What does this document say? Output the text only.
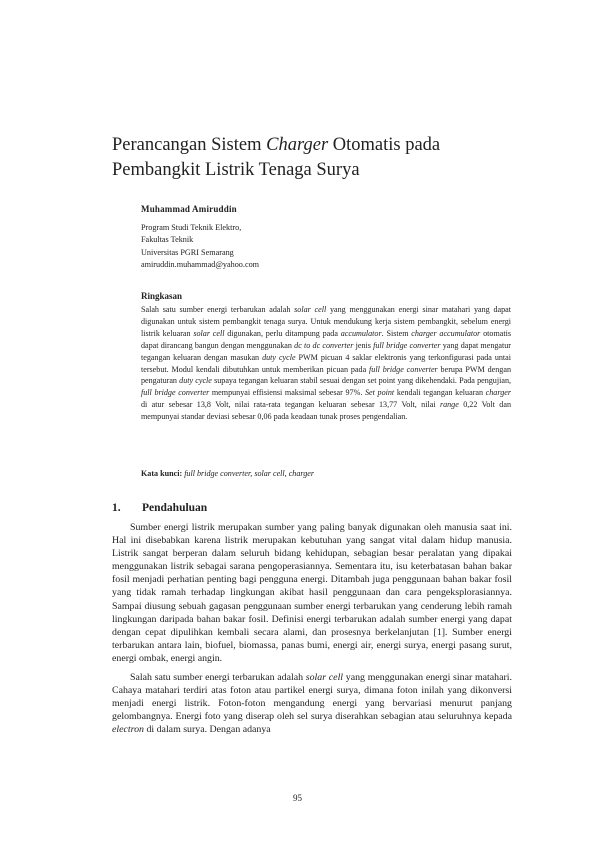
Perancangan Sistem Charger Otomatis pada
Pembangkit Listrik Tenaga Surya
Muhammad Amiruddin
Program Studi Teknik Elektro,
Fakultas Teknik
Universitas PGRI Semarang
amiruddin.muhammad@yahoo.com
Ringkasan
Salah satu sumber energi terbarukan adalah solar cell yang menggunakan energi sinar matahari yang dapat digunakan untuk sistem pembangkit tenaga surya. Untuk mendukung kerja sistem pembangkit, sebelum energi listrik keluaran solar cell digunakan, perlu ditampung pada accumulator. Sistem charger accumulator otomatis dapat dirancang bangun dengan menggunakan dc to dc converter jenis full bridge converter yang dapat mengatur tegangan keluaran dengan masukan duty cycle PWM picuan 4 saklar elektronis yang terkonfigurasi pada untai tersebut. Modul kendali dibutuhkan untuk memberikan picuan pada full bridge converter berupa PWM dengan pengaturan duty cycle supaya tegangan keluaran stabil sesuai dengan set point yang dikehendaki. Pada pengujian, full bridge converter mempunyai effisiensi maksimal sebesar 97%. Set point kendali tegangan keluaran charger di atur sebesar 13,8 Volt, nilai rata-rata tegangan keluaran sebesar 13,77 Volt, nilai range 0,22 Volt dan mempunyai standar deviasi sebesar 0,06 pada keadaan tunak proses pengendalian.
Kata kunci: full bridge converter, solar cell, charger
1. Pendahuluan

Sumber energi listrik merupakan sumber yang paling banyak digunakan oleh manusia saat ini. Hal ini disebabkan karena listrik merupakan kebutuhan yang sangat vital dalam hidup manusia. Listrik sangat berperan dalam seluruh bidang kehidupan, sebagian besar peralatan yang dipakai menggunakan listrik sebagai sarana pengoperasiannya. Sementara itu, isu keterbatasan bahan bakar fosil menjadi perhatian penting bagi pengguna energi. Ditambah juga penggunaan bahan bakar fosil yang tidak ramah terhadap lingkungan akibat hasil penggunaan dan cara pengeksplorasiannya. Sampai diusung sebuah gagasan penggunaan sumber energi terbarukan yang cenderung lebih ramah lingkungan daripada bahan bakar fosil. Definisi energi terbarukan adalah sumber energi yang dapat dengan cepat dipulihkan kembali secara alami, dan prosesnya berkelanjutan [1]. Sumber energi terbarukan antara lain, biofuel, biomassa, panas bumi, energi air, energi surya, energi pasang surut, energi ombak, energi angin.

Salah satu sumber energi terbarukan adalah solar cell yang menggunakan energi sinar matahari. Cahaya matahari terdiri atas foton atau partikel energi surya, dimana foton inilah yang dikonversi menjadi energi listrik. Foton-foton mengandung energi yang bervariasi menurut panjang gelombangnya. Energi foto yang diserap oleh sel surya diserahkan sebagian atau seluruhnya kepada electron di dalam surya. Dengan adanya

95
